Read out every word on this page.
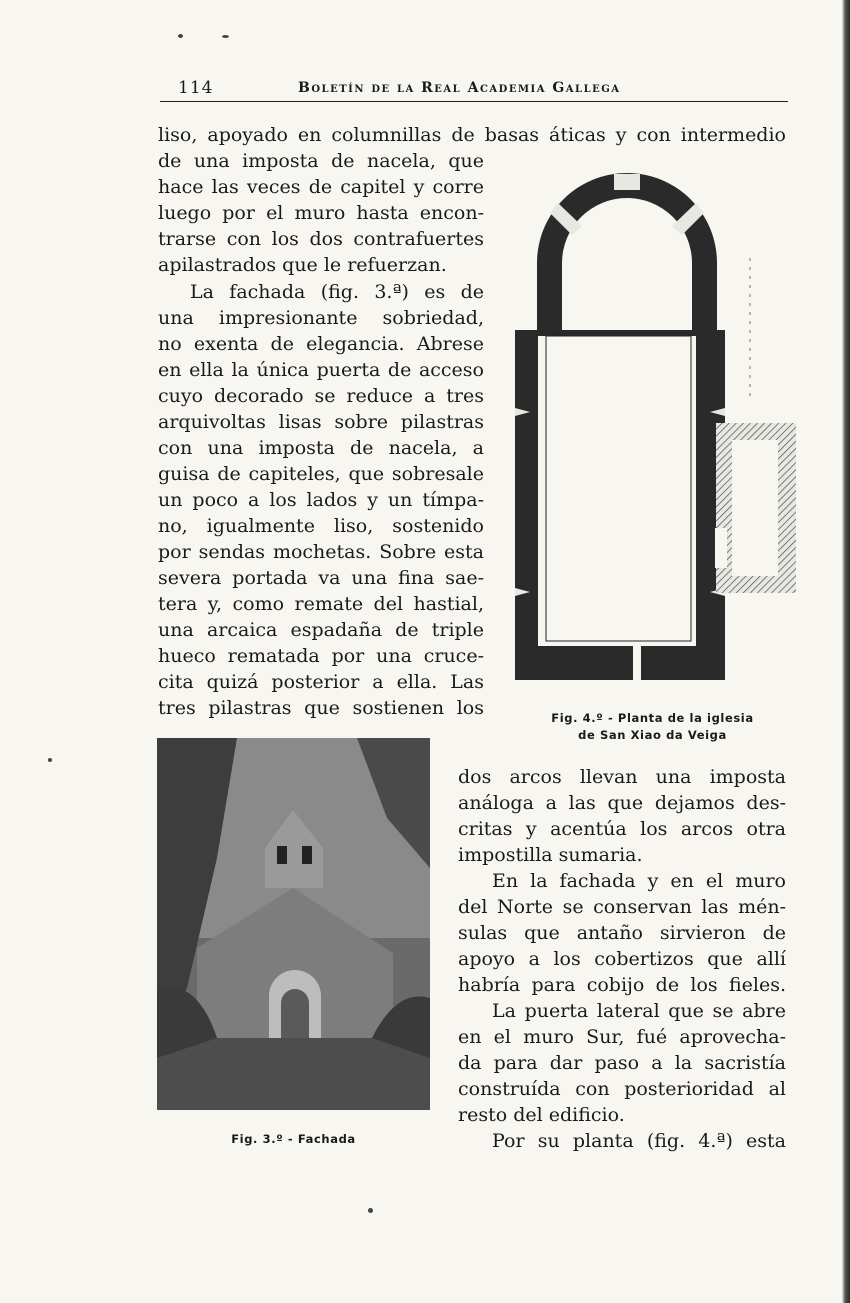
114	Boletín de la Real Academia Gallega
liso, apoyado en columnillas de basas áticas y con intermedio
de una imposta de nacela, que
hace las veces de capitel y corre
luego por el muro hasta encon-
trarse con los dos contrafuertes
apilastrados que le refuerzan.
La fachada (fig. 3.ª) es de
una impresionante sobriedad,
no exenta de elegancia. Abrese
en ella la única puerta de acceso
cuyo decorado se reduce a tres
arquivoltas lisas sobre pilastras
con una imposta de nacela, a
guisa de capiteles, que sobresale
un poco a los lados y un tímpa-
no, igualmente liso, sostenido
por sendas mochetas. Sobre esta
severa portada va una fina sae-
tera y, como remate del hastial,
una arcaica espadaña de triple
hueco rematada por una cruce-
cita quizá posterior a ella. Las
tres pilastras que sostienen los	Fig. 4.º - Planta de la iglesia
de San Xiao da Veiga
Fig. 3.º - Fachada
dos arcos llevan una imposta
análoga a las que dejamos des-
critas y acentúa los arcos otra
impostilla sumaria.
En la fachada y en el muro
del Norte se conservan las mén-
sulas que antaño sirvieron de
apoyo a los cobertizos que allí
habría para cobijo de los fieles.
La puerta lateral que se abre
en el muro Sur, fué aprovecha-
da para dar paso a la sacristía
construída con posterioridad al
resto del edificio.
Por su planta (fig. 4.ª) esta
